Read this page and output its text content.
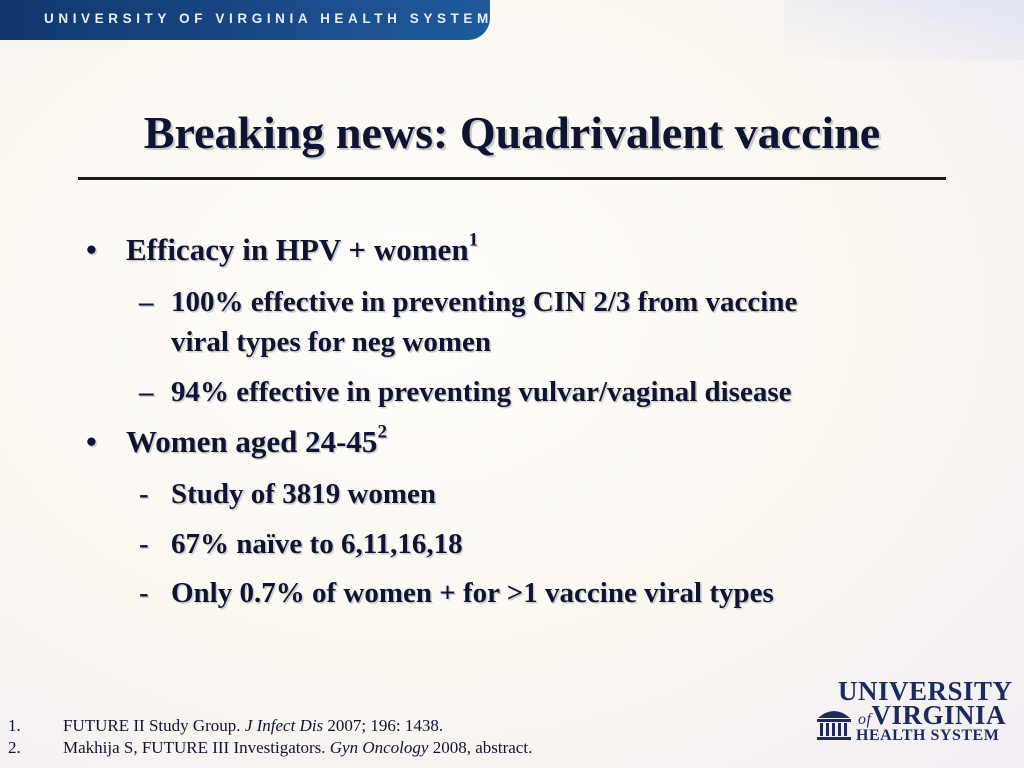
UNIVERSITY OF VIRGINIA HEALTH SYSTEM
Breaking news: Quadrivalent vaccine
• Efficacy in HPV + women$^1$
– 100% effective in preventing CIN 2/3 from vaccine
viral types for neg women
– 94% effective in preventing vulvar/vaginal disease
• Women aged $24-45^2$
- Study of 3819 women
- 67% naïve to 6,11,16,18
- Only 0.7% of women + for >1 vaccine viral types
1. FUTURE II Study Group. J Infect Dis 2007; 196: 1438.
2. Makhija S, FUTURE III Investigators. Gyn Oncology 2008, abstract.
UNIVERSITY
ofVIRGINIA
HEALTH SYSTEM
